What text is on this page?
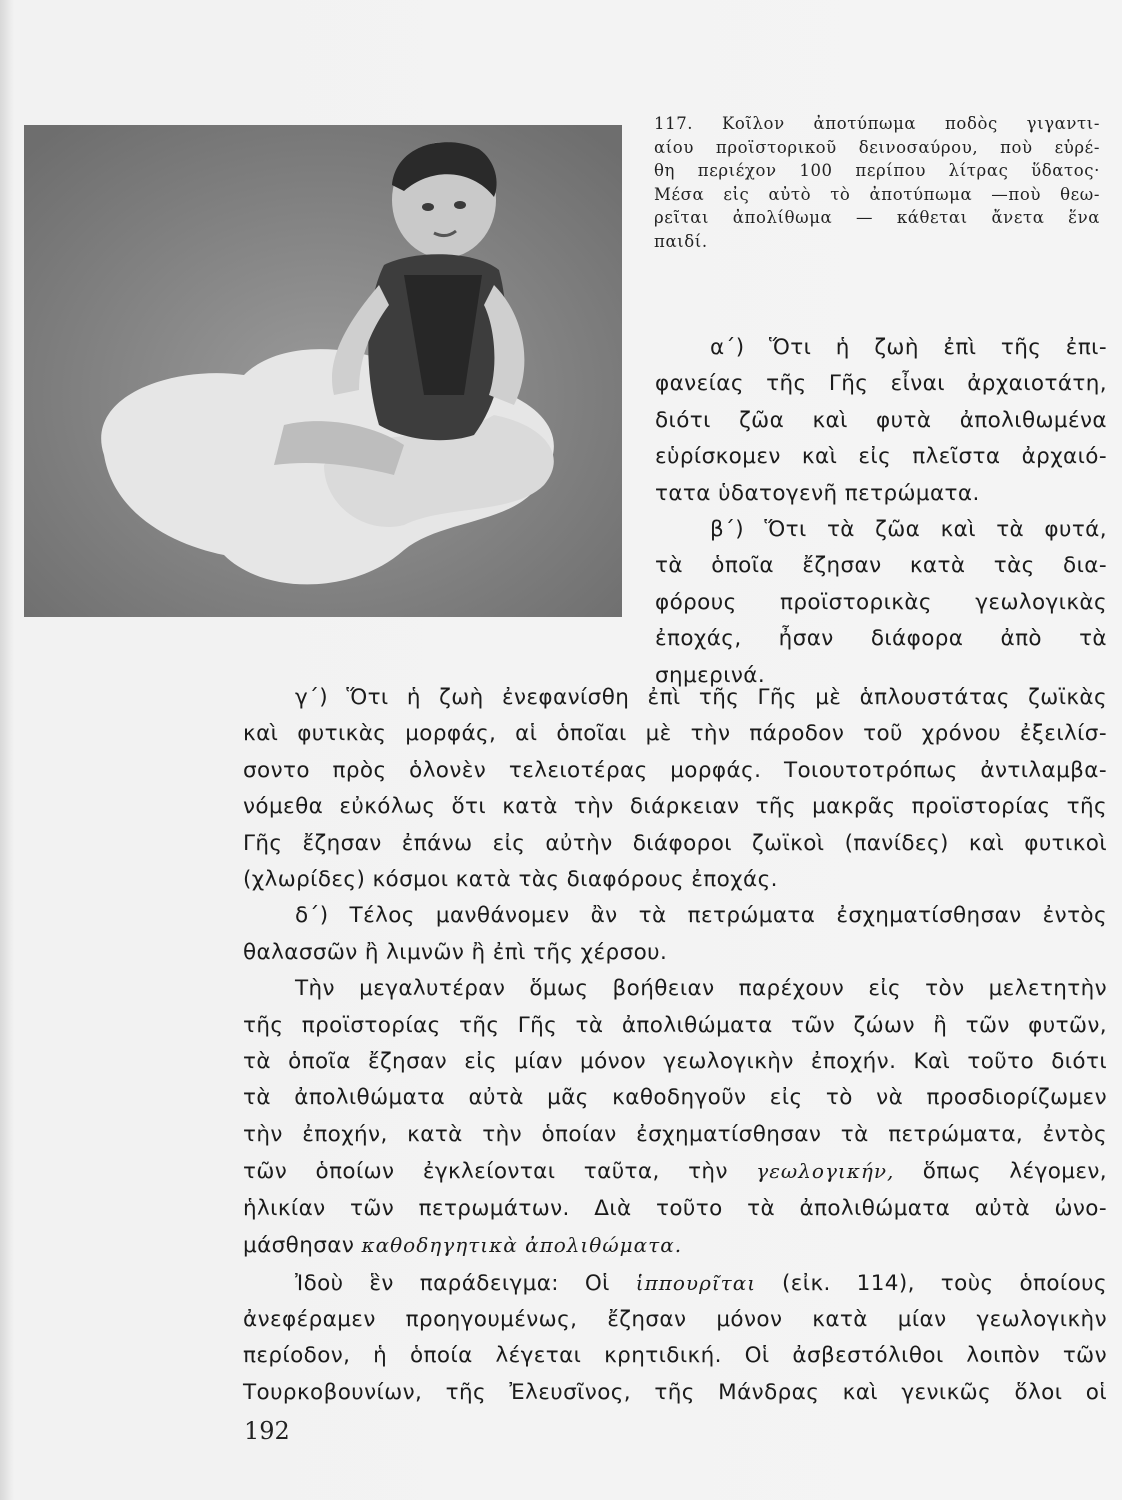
117. Κοῖλον ἀποτύπωμα ποδὸς γιγαντι-
αίου προϊστορικοῦ δεινοσαύρου, ποὺ εὑρέ-
θη περιέχον 100 περίπου λίτρας ὕδατος·
Μέσα εἰς αὐτὸ τὸ ἀποτύπωμα —ποὺ θεω-
ρεῖται ἀπολίθωμα — κάθεται ἄνετα ἕνα
παιδί.
α΄) Ὅτι ἡ ζωὴ ἐπὶ τῆς ἐπι-
φανείας τῆς Γῆς εἶναι ἀρχαιοτάτη,
διότι ζῶα καὶ φυτὰ ἀπολιθωμένα
εὑρίσκομεν καὶ εἰς πλεῖστα ἀρχαιό-
τατα ὑδατογενῆ πετρώματα.
β΄) Ὅτι τὰ ζῶα καὶ τὰ φυτά,
τὰ ὁποῖα ἔζησαν κατὰ τὰς δια-
φόρους προϊστορικὰς γεωλογικὰς
ἐποχάς, ἦσαν διάφορα ἀπὸ τὰ
σημερινά.
γ΄) Ὅτι ἡ ζωὴ ἐνεφανίσθη ἐπὶ τῆς Γῆς μὲ ἁπλουστάτας ζωϊκὰς
καὶ φυτικὰς μορφάς, αἱ ὁποῖαι μὲ τὴν πάροδον τοῦ χρόνου ἐξειλίσ-
σοντο πρὸς ὁλονὲν τελειοτέρας μορφάς. Τοιουτοτρόπως ἀντιλαμβα-
νόμεθα εὐκόλως ὅτι κατὰ τὴν διάρκειαν τῆς μακρᾶς προϊστορίας τῆς
Γῆς ἔζησαν ἐπάνω εἰς αὐτὴν διάφοροι ζωϊκοὶ (πανίδες) καὶ φυτικοὶ
(χλωρίδες) κόσμοι κατὰ τὰς διαφόρους ἐποχάς.
δ΄) Τέλος μανθάνομεν ἂν τὰ πετρώματα ἐσχηματίσθησαν ἐντὸς
θαλασσῶν ἢ λιμνῶν ἢ ἐπὶ τῆς χέρσου.
Τὴν μεγαλυτέραν ὅμως βοήθειαν παρέχουν εἰς τὸν μελετητὴν
τῆς προϊστορίας τῆς Γῆς τὰ ἀπολιθώματα τῶν ζώων ἢ τῶν φυτῶν,
τὰ ὁποῖα ἔζησαν εἰς μίαν μόνον γεωλογικὴν ἐποχήν. Καὶ τοῦτο διότι
τὰ ἀπολιθώματα αὐτὰ μᾶς καθοδηγοῦν εἰς τὸ νὰ προσδιορίζωμεν
τὴν ἐποχήν, κατὰ τὴν ὁποίαν ἐσχηματίσθησαν τὰ πετρώματα, ἐντὸς
τῶν ὁποίων ἐγκλείονται ταῦτα, τὴν γεωλογικήν, ὅπως λέγομεν,
ἡλικίαν τῶν πετρωμάτων. Διὰ τοῦτο τὰ ἀπολιθώματα αὐτὰ ὠνο-
μάσθησαν καθοδηγητικὰ ἀπολιθώματα.
Ἰδοὺ ἓν παράδειγμα: Οἱ ἱππουρῖται (εἰκ. 114), τοὺς ὁποίους
ἀνεφέραμεν προηγουμένως, ἔζησαν μόνον κατὰ μίαν γεωλογικὴν
περίοδον, ἡ ὁποία λέγεται κρητιδική. Οἱ ἀσβεστόλιθοι λοιπὸν τῶν
Τουρκοβουνίων, τῆς Ἐλευσῖνος, τῆς Μάνδρας καὶ γενικῶς ὅλοι οἱ
192
